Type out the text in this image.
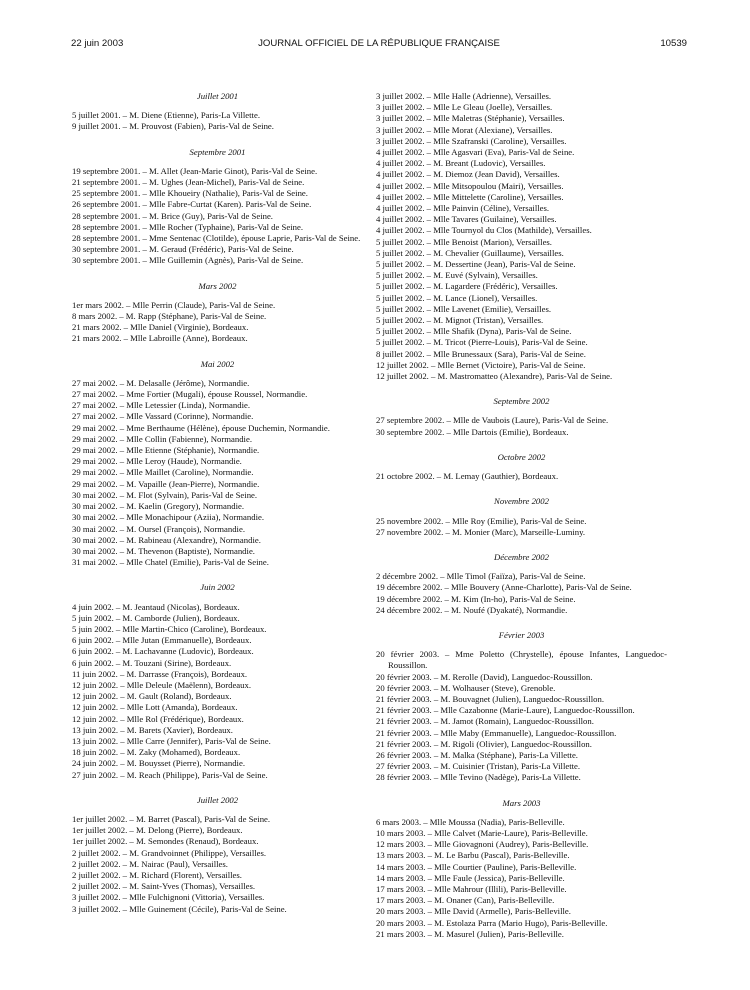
22 juin 2003	JOURNAL OFFICIEL DE LA RÉPUBLIQUE FRANÇAISE	10539
Juillet 2001
5 juillet 2001. – M. Diene (Etienne), Paris-La Villette.
9 juillet 2001. – M. Prouvost (Fabien), Paris-Val de Seine.
Septembre 2001
19 septembre 2001. – M. Allet (Jean-Marie Ginot), Paris-Val de Seine.
21 septembre 2001. – M. Ughes (Jean-Michel), Paris-Val de Seine.
25 septembre 2001. – Mlle Khoueiry (Nathalie), Paris-Val de Seine.
26 septembre 2001. – Mlle Fabre-Curtat (Karen). Paris-Val de Seine.
28 septembre 2001. – M. Brice (Guy), Paris-Val de Seine.
28 septembre 2001. – Mlle Rocher (Typhaine), Paris-Val de Seine.
28 septembre 2001. – Mme Sentenac (Clotilde), épouse Laprie, Paris-Val de Seine.
30 septembre 2001. – M. Geraud (Frédéric), Paris-Val de Seine.
30 septembre 2001. – Mlle Guillemin (Agnès), Paris-Val de Seine.
Mars 2002
1er mars 2002. – Mlle Perrin (Claude), Paris-Val de Seine.
8 mars 2002. – M. Rapp (Stéphane), Paris-Val de Seine.
21 mars 2002. – Mlle Daniel (Virginie), Bordeaux.
21 mars 2002. – Mlle Labroille (Anne), Bordeaux.
Mai 2002
27 mai 2002. – M. Delasalle (Jérôme), Normandie.
27 mai 2002. – Mme Fortier (Mugali), épouse Roussel, Normandie.
27 mai 2002. – Mlle Letessier (Linda), Normandie.
27 mai 2002. – Mlle Vassard (Corinne), Normandie.
29 mai 2002. – Mme Berthaume (Hélène), épouse Duchemin, Normandie.
29 mai 2002. – Mlle Collin (Fabienne), Normandie.
29 mai 2002. – Mlle Etienne (Stéphanie), Normandie.
29 mai 2002. – Mlle Leroy (Haude), Normandie.
29 mai 2002. – Mlle Maillet (Caroline), Normandie.
29 mai 2002. – M. Vapaille (Jean-Pierre), Normandie.
30 mai 2002. – M. Flot (Sylvain), Paris-Val de Seine.
30 mai 2002. – M. Kaelin (Gregory), Normandie.
30 mai 2002. – Mlle Monachipour (Aziia), Normandie.
30 mai 2002. – M. Oursel (François), Normandie.
30 mai 2002. – M. Rabineau (Alexandre), Normandie.
30 mai 2002. – M. Thevenon (Baptiste), Normandie.
31 mai 2002. – Mlle Chatel (Emilie), Paris-Val de Seine.
Juin 2002
4 juin 2002. – M. Jeantaud (Nicolas), Bordeaux.
5 juin 2002. – M. Camborde (Julien), Bordeaux.
5 juin 2002. – Mlle Martin-Chico (Caroline), Bordeaux.
6 juin 2002. – Mlle Jutan (Emmanuelle), Bordeaux.
6 juin 2002. – M. Lachavanne (Ludovic), Bordeaux.
6 juin 2002. – M. Touzani (Sirine), Bordeaux.
11 juin 2002. – M. Darrasse (François), Bordeaux.
12 juin 2002. – Mlle Deleule (Maëlenn), Bordeaux.
12 juin 2002. – M. Gault (Roland), Bordeaux.
12 juin 2002. – Mlle Lott (Amanda), Bordeaux.
12 juin 2002. – Mlle Rol (Frédérique), Bordeaux.
13 juin 2002. – M. Barets (Xavier), Bordeaux.
13 juin 2002. – Mlle Carre (Jennifer), Paris-Val de Seine.
18 juin 2002. – M. Zaky (Mohamed), Bordeaux.
24 juin 2002. – M. Bouysset (Pierre), Normandie.
27 juin 2002. – M. Reach (Philippe), Paris-Val de Seine.
Juillet 2002
1er juillet 2002. – M. Barret (Pascal), Paris-Val de Seine.
1er juillet 2002. – M. Delong (Pierre), Bordeaux.
1er juillet 2002. – M. Semondes (Renaud), Bordeaux.
2 juillet 2002. – M. Grandvoinnet (Philippe), Versailles.
2 juillet 2002. – M. Nairac (Paul), Versailles.
2 juillet 2002. – M. Richard (Florent), Versailles.
2 juillet 2002. – M. Saint-Yves (Thomas), Versailles.
3 juillet 2002. – Mlle Fulchignoni (Vittoria), Versailles.
3 juillet 2002. – Mlle Guinement (Cécile), Paris-Val de Seine.
3 juillet 2002. – Mlle Halle (Adrienne), Versailles.
3 juillet 2002. – Mlle Le Gleau (Joelle), Versailles.
3 juillet 2002. – Mlle Maletras (Stéphanie), Versailles.
3 juillet 2002. – Mlle Morat (Alexiane), Versailles.
3 juillet 2002. – Mlle Szafranski (Caroline), Versailles.
4 juillet 2002. – Mlle Agasvari (Eva), Paris-Val de Seine.
4 juillet 2002. – M. Breant (Ludovic), Versailles.
4 juillet 2002. – M. Diemoz (Jean David), Versailles.
4 juillet 2002. – Mlle Mitsopoulou (Mairi), Versailles.
4 juillet 2002. – Mlle Mittelette (Caroline), Versailles.
4 juillet 2002. – Mlle Painvin (Céline), Versailles.
4 juillet 2002. – Mlle Tavares (Guilaine), Versailles.
4 juillet 2002. – Mlle Tournyol du Clos (Mathilde), Versailles.
5 juillet 2002. – Mlle Benoist (Marion), Versailles.
5 juillet 2002. – M. Chevalier (Guillaume), Versailles.
5 juillet 2002. – M. Dessertine (Jean), Paris-Val de Seine.
5 juillet 2002. – M. Euvé (Sylvain), Versailles.
5 juillet 2002. – M. Lagardere (Frédéric), Versailles.
5 juillet 2002. – M. Lance (Lionel), Versailles.
5 juillet 2002. – Mlle Lavenet (Emilie), Versailles.
5 juillet 2002. – M. Mignot (Tristan), Versailles.
5 juillet 2002. – Mlle Shafik (Dyna), Paris-Val de Seine.
5 juillet 2002. – M. Tricot (Pierre-Louis), Paris-Val de Seine.
8 juillet 2002. – Mlle Brunessaux (Sara), Paris-Val de Seine.
12 juillet 2002. – Mlle Bernet (Victoire), Paris-Val de Seine.
12 juillet 2002. – M. Mastromatteo (Alexandre), Paris-Val de Seine.
Septembre 2002
27 septembre 2002. – Mlle de Vaubois (Laure), Paris-Val de Seine.
30 septembre 2002. – Mlle Dartois (Emilie), Bordeaux.
Octobre 2002
21 octobre 2002. – M. Lemay (Gauthier), Bordeaux.
Novembre 2002
25 novembre 2002. – Mlle Roy (Emilie), Paris-Val de Seine.
27 novembre 2002. – M. Monier (Marc), Marseille-Luminy.
Décembre 2002
2 décembre 2002. – Mlle Timol (Faiïza), Paris-Val de Seine.
19 décembre 2002. – Mlle Bouvery (Anne-Charlotte), Paris-Val de Seine.
19 décembre 2002. – M. Kim (In-ho), Paris-Val de Seine.
24 décembre 2002. – M. Noufé (Dyakaté), Normandie.
Février 2003
20 février 2003. – Mme Poletto (Chrystelle), épouse Infantes, Languedoc-Roussillon.
20 février 2003. – M. Rerolle (David), Languedoc-Roussillon.
20 février 2003. – M. Wolhauser (Steve), Grenoble.
21 février 2003. – M. Bouvagnet (Julien), Languedoc-Roussillon.
21 février 2003. – Mlle Cazabonne (Marie-Laure), Languedoc-Roussillon.
21 février 2003. – M. Jamot (Romain), Languedoc-Roussillon.
21 février 2003. – Mlle Maby (Emmanuelle), Languedoc-Roussillon.
21 février 2003. – M. Rigoli (Olivier), Languedoc-Roussillon.
26 février 2003. – M. Malka (Stéphane), Paris-La Villette.
27 février 2003. – M. Cuisinier (Tristan), Paris-La Villette.
28 février 2003. – Mlle Tevino (Nadège), Paris-La Villette.
Mars 2003
6 mars 2003. – Mlle Moussa (Nadia), Paris-Belleville.
10 mars 2003. – Mlle Calvet (Marie-Laure), Paris-Belleville.
12 mars 2003. – Mlle Giovagnoni (Audrey), Paris-Belleville.
13 mars 2003. – M. Le Barbu (Pascal), Paris-Belleville.
14 mars 2003. – Mlle Courtier (Pauline), Paris-Belleville.
14 mars 2003. – Mlle Faule (Jessica), Paris-Belleville.
17 mars 2003. – Mlle Mahrour (Illili), Paris-Belleville.
17 mars 2003. – M. Onaner (Can), Paris-Belleville.
20 mars 2003. – Mlle David (Armelle), Paris-Belleville.
20 mars 2003. – M. Estolaza Parra (Mario Hugo), Paris-Belleville.
21 mars 2003. – M. Masurel (Julien), Paris-Belleville.
